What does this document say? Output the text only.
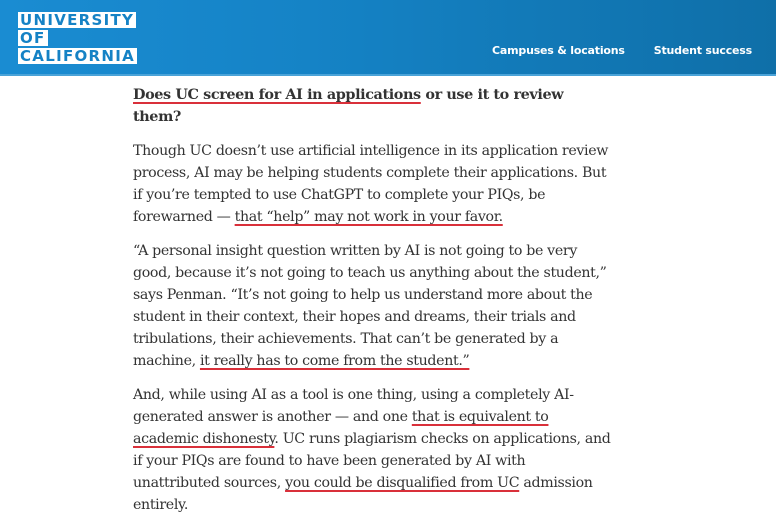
UNIVERSITY
OF
CALIFORNIA	Campuses & locations	Student success
Does UC screen for AI in applications or use it to review them?

Though UC doesn’t use artificial intelligence in its application review process, AI may be helping students complete their applications. But if you’re tempted to use ChatGPT to complete your PIQs, be forewarned — that “help” may not work in your favor.

“A personal insight question written by AI is not going to be very good, because it’s not going to teach us anything about the student,” says Penman. “It’s not going to help us understand more about the student in their context, their hopes and dreams, their trials and tribulations, their achievements. That can’t be generated by a machine, it really has to come from the student.”

And, while using AI as a tool is one thing, using a completely AI-generated answer is another — and one that is equivalent to academic dishonesty. UC runs plagiarism checks on applications, and if your PIQs are found to have been generated by AI with unattributed sources, you could be disqualified from UC admission entirely.
